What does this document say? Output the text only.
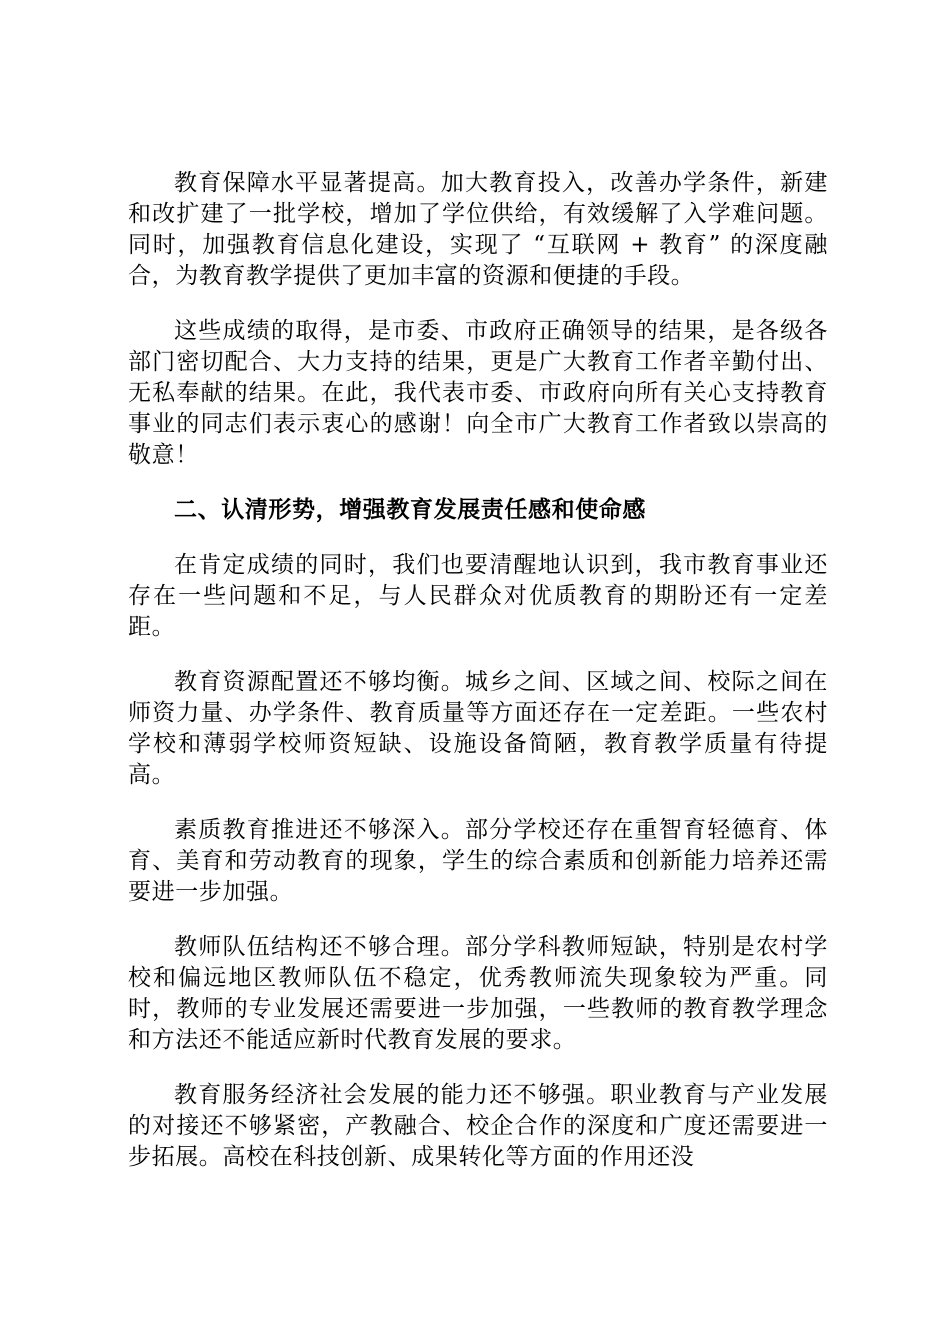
教育保障水平显著提高。加大教育投入，改善办学条件，新建和改扩建了一批学校，增加了学位供给，有效缓解了入学难问题。同时，加强教育信息化建设，实现了 “互联网 + 教育” 的深度融合，为教育教学提供了更加丰富的资源和便捷的手段。

这些成绩的取得，是市委、市政府正确领导的结果，是各级各部门密切配合、大力支持的结果，更是广大教育工作者辛勤付出、无私奉献的结果。在此，我代表市委、市政府向所有关心支持教育事业的同志们表示衷心的感谢！向全市广大教育工作者致以崇高的敬意！

二、认清形势，增强教育发展责任感和使命感

在肯定成绩的同时，我们也要清醒地认识到，我市教育事业还存在一些问题和不足，与人民群众对优质教育的期盼还有一定差距。

教育资源配置还不够均衡。城乡之间、区域之间、校际之间在师资力量、办学条件、教育质量等方面还存在一定差距。一些农村学校和薄弱学校师资短缺、设施设备简陋，教育教学质量有待提高。

素质教育推进还不够深入。部分学校还存在重智育轻德育、体育、美育和劳动教育的现象，学生的综合素质和创新能力培养还需要进一步加强。

教师队伍结构还不够合理。部分学科教师短缺，特别是农村学校和偏远地区教师队伍不稳定，优秀教师流失现象较为严重。同时，教师的专业发展还需要进一步加强，一些教师的教育教学理念和方法还不能适应新时代教育发展的要求。

教育服务经济社会发展的能力还不够强。职业教育与产业发展的对接还不够紧密，产教融合、校企合作的深度和广度还需要进一步拓展。高校在科技创新、成果转化等方面的作用还没
